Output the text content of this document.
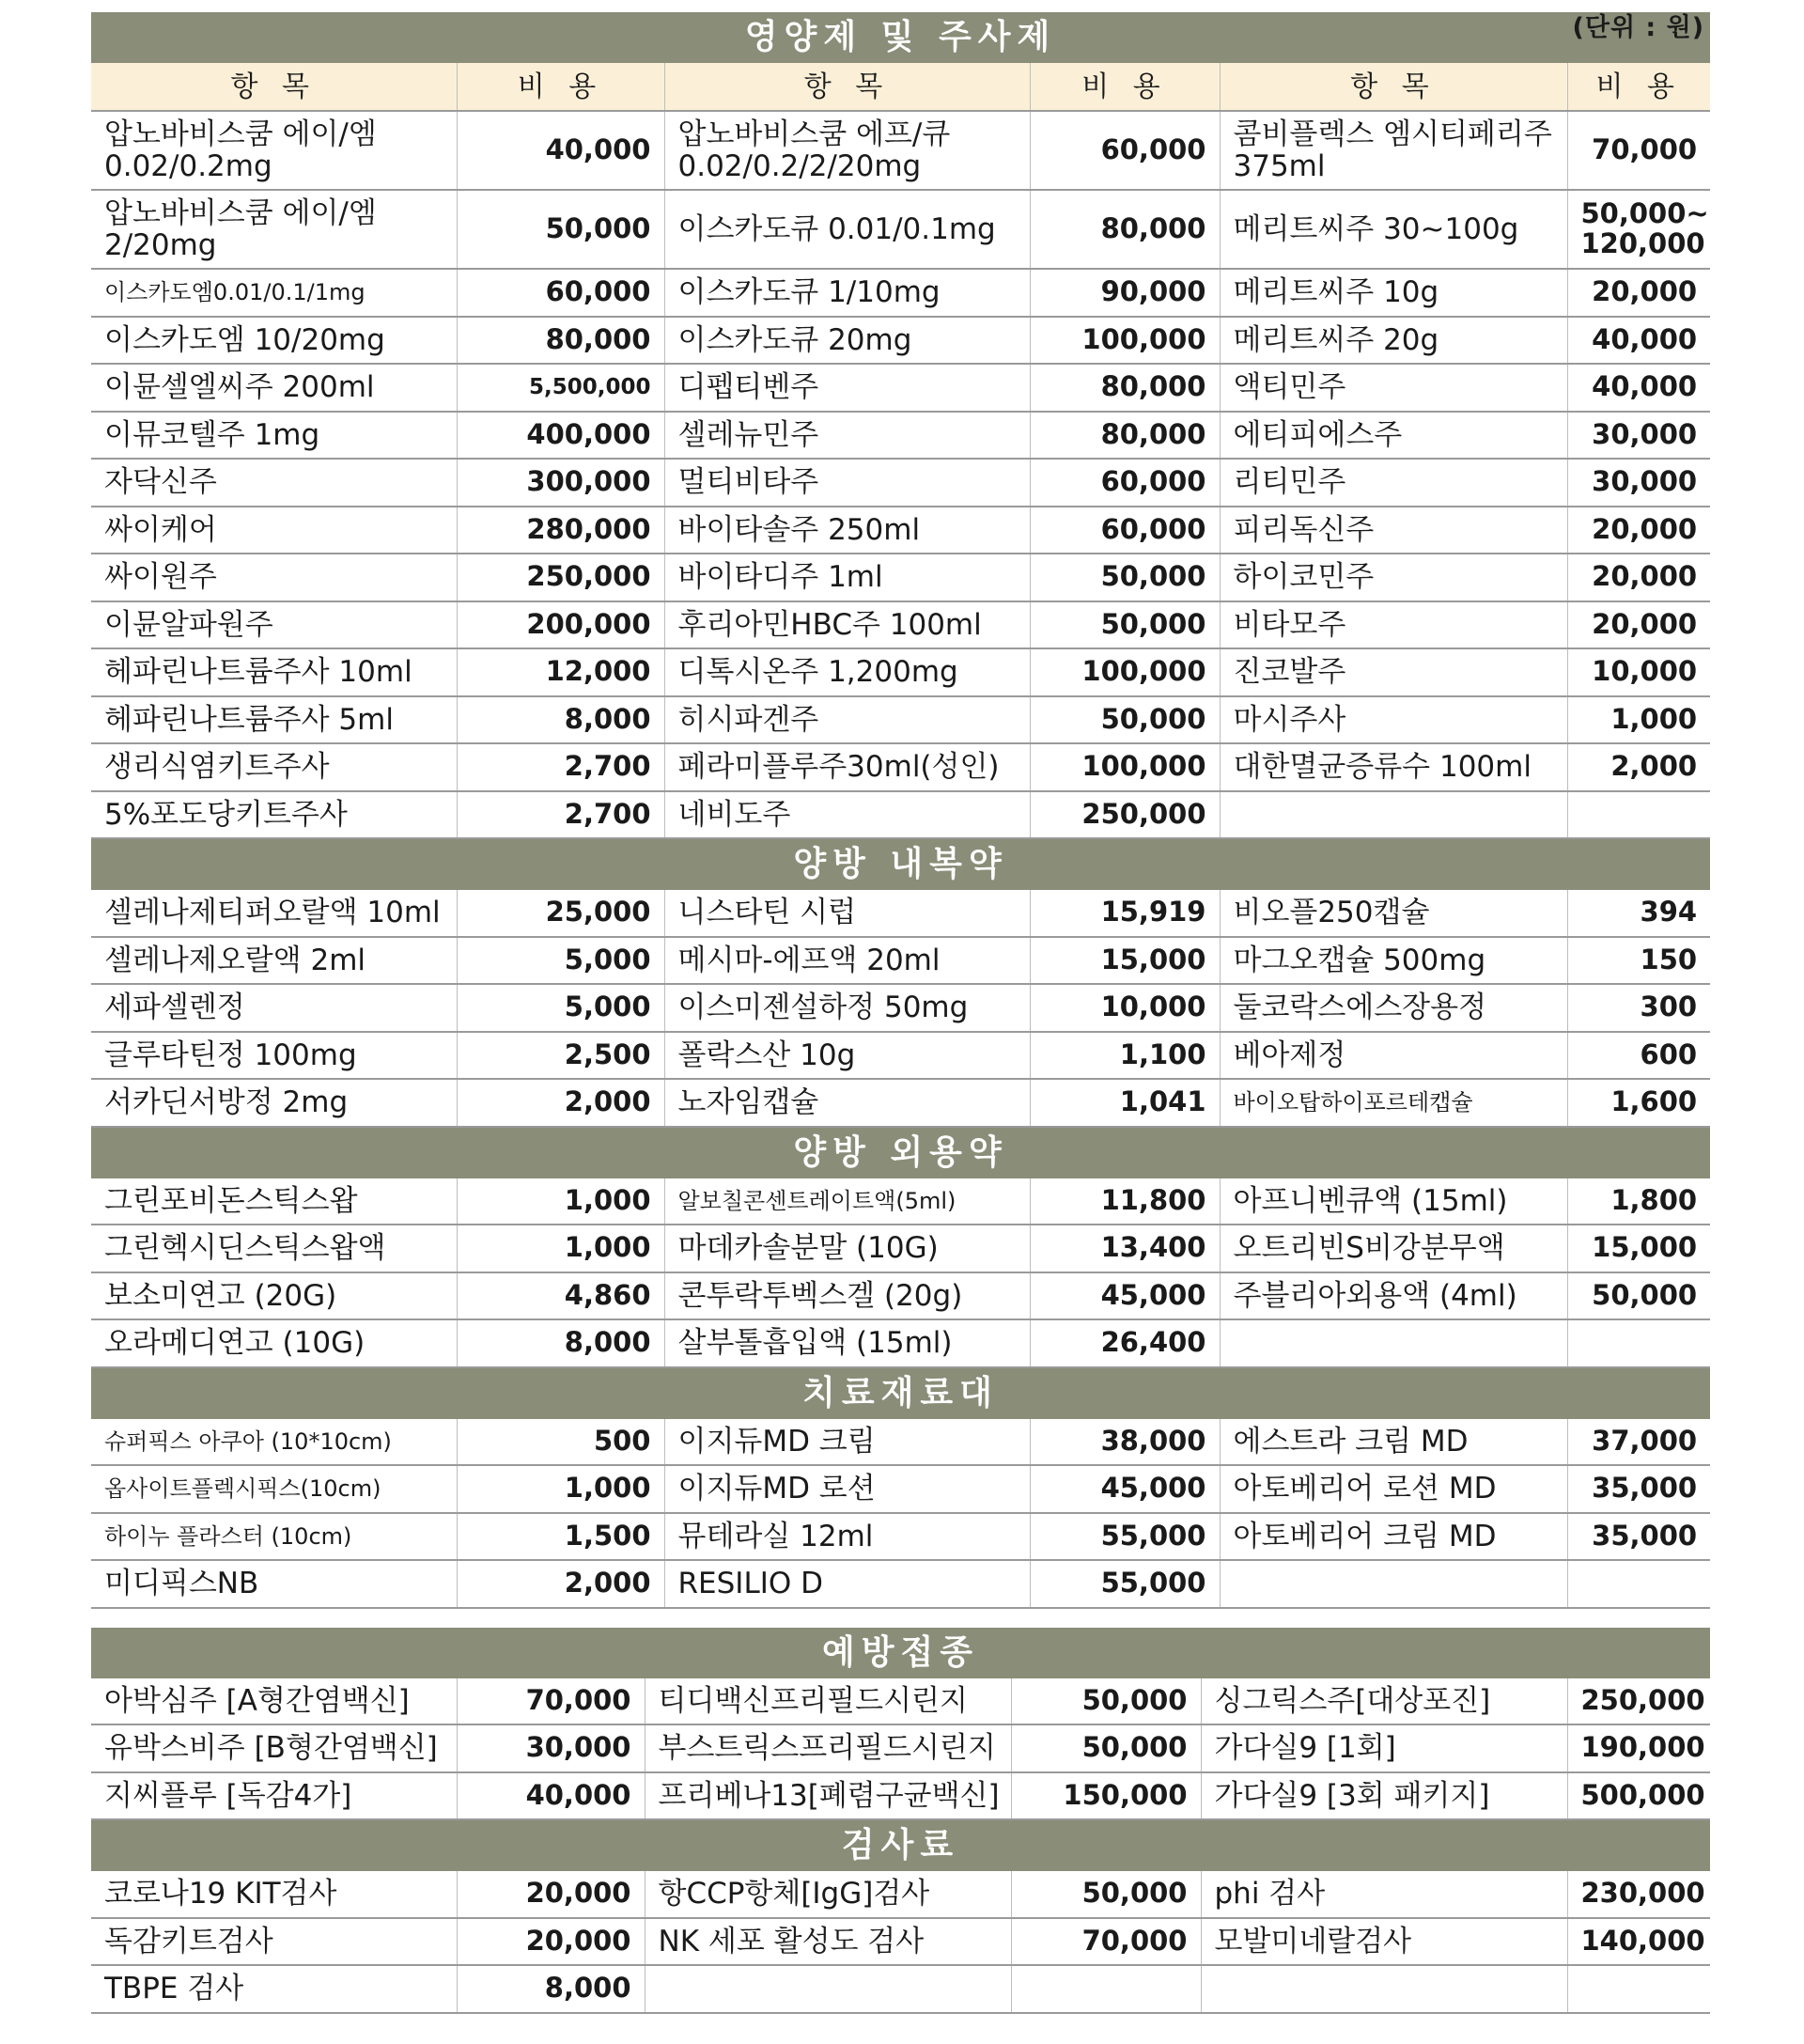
영양제 및 주사제 (단위 : 원)					

항 목	비 용	항 목	비 용	항 목	비 용
압노바비스쿰 에이/엠 0.02/0.2mg	40,000	압노바비스쿰 에프/큐 0.02/0.2/2/20mg	60,000	콤비플렉스 엠시티페리주 375ml	70,000
압노바비스쿰 에이/엠 2/20mg	50,000	이스카도큐 0.01/0.1mg	80,000	메리트씨주 30~100g	50,000~ 120,000
이스카도엠0.01/0.1/1mg	60,000	이스카도큐 1/10mg	90,000	메리트씨주 10g	20,000
이스카도엠 10/20mg	80,000	이스카도큐 20mg	100,000	메리트씨주 20g	40,000
이뮨셀엘씨주 200ml	5,500,000	디펩티벤주	80,000	액티민주	40,000
이뮤코텔주 1mg	400,000	셀레뉴민주	80,000	에티피에스주	30,000
자닥신주	300,000	멀티비타주	60,000	리티민주	30,000
싸이케어	280,000	바이타솔주 250ml	60,000	피리독신주	20,000
싸이원주	250,000	바이타디주 1ml	50,000	하이코민주	20,000
이뮨알파원주	200,000	후리아민HBC주 100ml	50,000	비타모주	20,000
헤파린나트륨주사 10ml	12,000	디톡시온주 1,200mg	100,000	진코발주	10,000
헤파린나트륨주사 5ml	8,000	히시파겐주	50,000	마시주사	1,000
생리식염키트주사	2,700	페라미플루주30ml(성인)	100,000	대한멸균증류수 100ml	2,000
5%포도당키트주사	2,700	네비도주	250,000		
양방 내복약					
셀레나제티퍼오랄액 10ml	25,000	니스타틴 시럽	15,919	비오플250캡슐	394
셀레나제오랄액 2ml	5,000	메시마-에프액 20ml	15,000	마그오캡슐 500mg	150
세파셀렌정	5,000	이스미젠설하정 50mg	10,000	둘코락스에스장용정	300
글루타틴정 100mg	2,500	폴락스산 10g	1,100	베아제정	600
서카딘서방정 2mg	2,000	노자임캡슐	1,041	바이오탑하이포르테캡슐	1,600
양방 외용약					
그린포비돈스틱스왑	1,000	알보칠콘센트레이트액(5ml)	11,800	아프니벤큐액 (15ml)	1,800
그린헥시딘스틱스왑액	1,000	마데카솔분말 (10G)	13,400	오트리빈S비강분무액	15,000
보소미연고 (20G)	4,860	콘투락투벡스겔 (20g)	45,000	주블리아외용액 (4ml)	50,000
오라메디연고 (10G)	8,000	살부톨흡입액 (15ml)	26,400		
치료재료대					
슈퍼픽스 아쿠아 (10*10cm)	500	이지듀MD 크림	38,000	에스트라 크림 MD	37,000
옵사이트플렉시픽스(10cm)	1,000	이지듀MD 로션	45,000	아토베리어 로션 MD	35,000
하이누 플라스터 (10cm)	1,500	뮤테라실 12ml	55,000	아토베리어 크림 MD	35,000
미디픽스NB	2,000	RESILIO D	55,000		
예방접종					
아박심주 [A형간염백신]	70,000	티디백신프리필드시린지	50,000	싱그릭스주[대상포진]	250,000
유박스비주 [B형간염백신]	30,000	부스트릭스프리필드시린지	50,000	가다실9 [1회]	190,000
지씨플루 [독감4가]	40,000	프리베나13[폐렴구균백신]	150,000	가다실9 [3회 패키지]	500,000
검사료					
코로나19 KIT검사	20,000	항CCP항체[IgG]검사	50,000	phi 검사	230,000
독감키트검사	20,000	NK 세포 활성도 검사	70,000	모발미네랄검사	140,000
TBPE 검사	8,000				
